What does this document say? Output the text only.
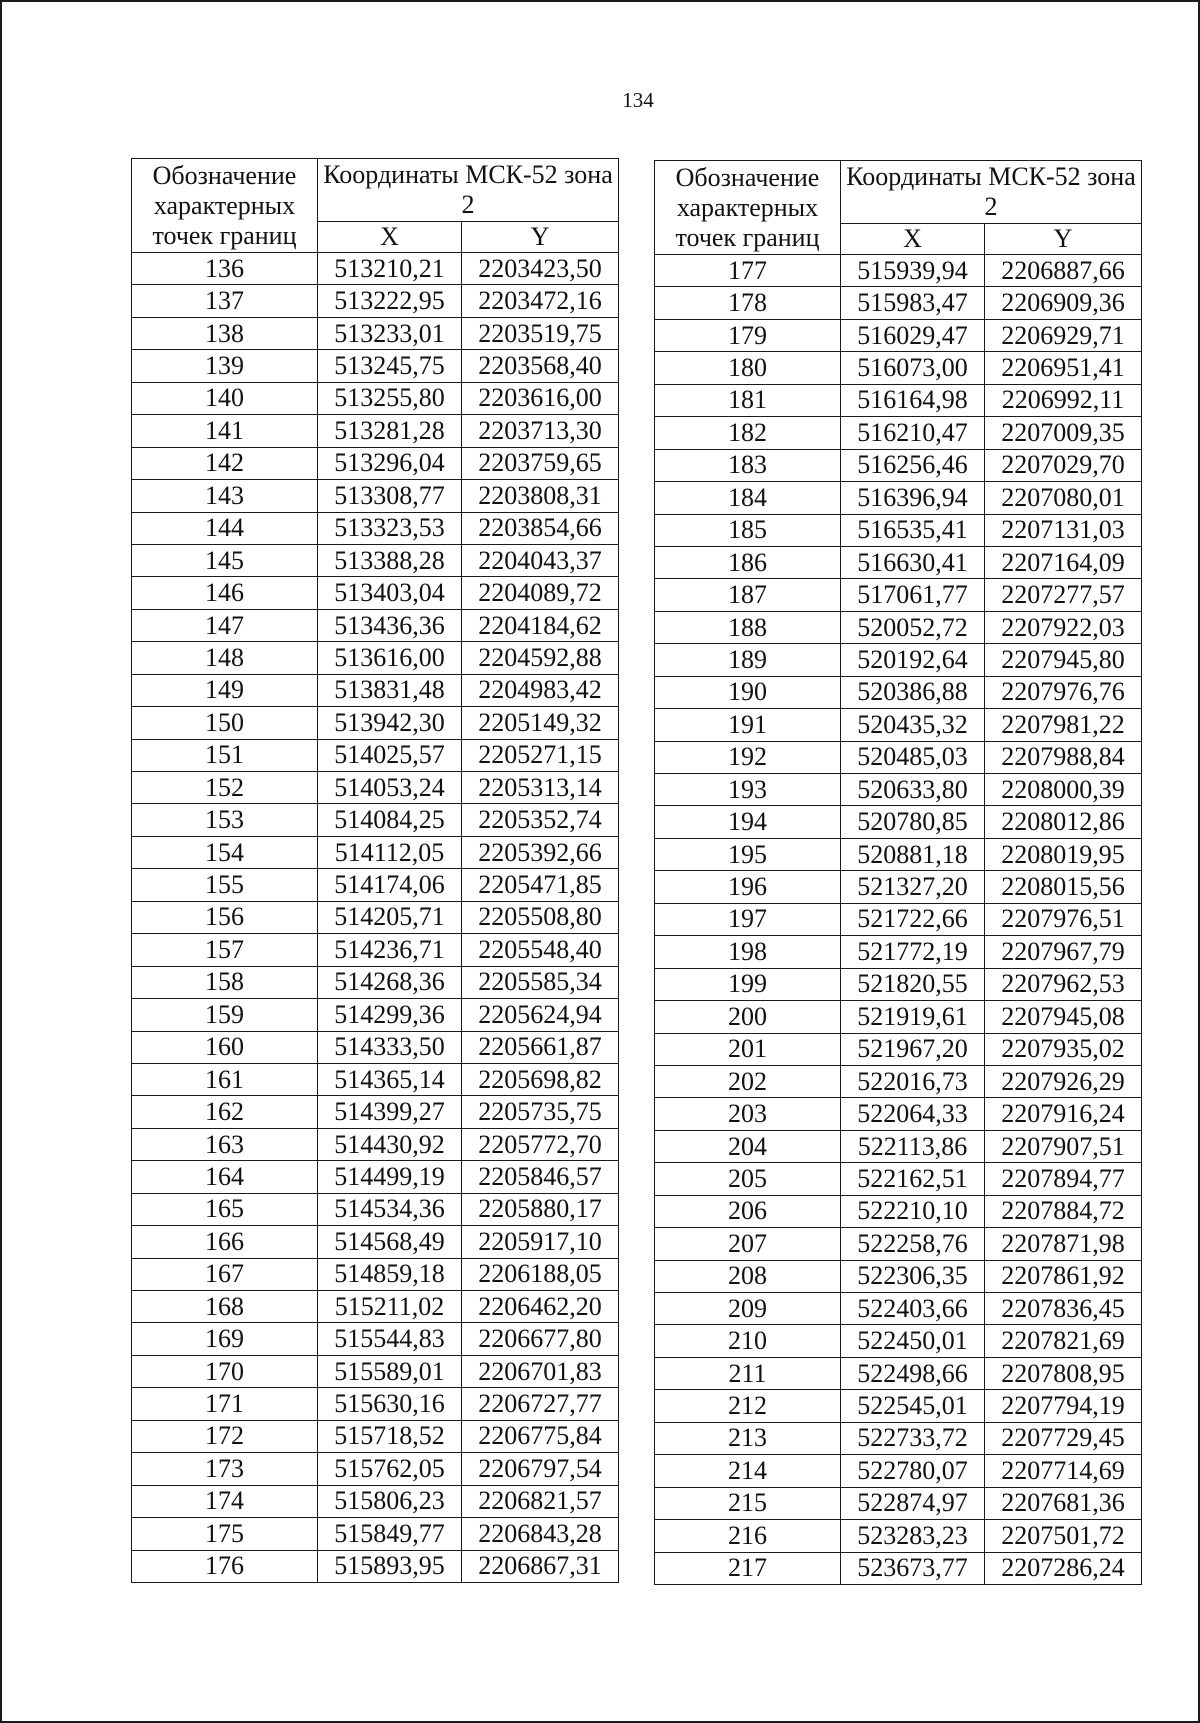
134
Обозначение характерных точек границ	Координаты МСК-52 зона 2	
	X	Y
136	513210,21	2203423,50
137	513222,95	2203472,16
138	513233,01	2203519,75
139	513245,75	2203568,40
140	513255,80	2203616,00
141	513281,28	2203713,30
142	513296,04	2203759,65
143	513308,77	2203808,31
144	513323,53	2203854,66
145	513388,28	2204043,37
146	513403,04	2204089,72
147	513436,36	2204184,62
148	513616,00	2204592,88
149	513831,48	2204983,42
150	513942,30	2205149,32
151	514025,57	2205271,15
152	514053,24	2205313,14
153	514084,25	2205352,74
154	514112,05	2205392,66
155	514174,06	2205471,85
156	514205,71	2205508,80
157	514236,71	2205548,40
158	514268,36	2205585,34
159	514299,36	2205624,94
160	514333,50	2205661,87
161	514365,14	2205698,82
162	514399,27	2205735,75
163	514430,92	2205772,70
164	514499,19	2205846,57
165	514534,36	2205880,17
166	514568,49	2205917,10
167	514859,18	2206188,05
168	515211,02	2206462,20
169	515544,83	2206677,80
170	515589,01	2206701,83
171	515630,16	2206727,77
172	515718,52	2206775,84
173	515762,05	2206797,54
174	515806,23	2206821,57
175	515849,77	2206843,28
176	515893,95	2206867,31
Обозначение характерных точек границ	Координаты МСК-52 зона 2	
	X	Y
177	515939,94	2206887,66
178	515983,47	2206909,36
179	516029,47	2206929,71
180	516073,00	2206951,41
181	516164,98	2206992,11
182	516210,47	2207009,35
183	516256,46	2207029,70
184	516396,94	2207080,01
185	516535,41	2207131,03
186	516630,41	2207164,09
187	517061,77	2207277,57
188	520052,72	2207922,03
189	520192,64	2207945,80
190	520386,88	2207976,76
191	520435,32	2207981,22
192	520485,03	2207988,84
193	520633,80	2208000,39
194	520780,85	2208012,86
195	520881,18	2208019,95
196	521327,20	2208015,56
197	521722,66	2207976,51
198	521772,19	2207967,79
199	521820,55	2207962,53
200	521919,61	2207945,08
201	521967,20	2207935,02
202	522016,73	2207926,29
203	522064,33	2207916,24
204	522113,86	2207907,51
205	522162,51	2207894,77
206	522210,10	2207884,72
207	522258,76	2207871,98
208	522306,35	2207861,92
209	522403,66	2207836,45
210	522450,01	2207821,69
211	522498,66	2207808,95
212	522545,01	2207794,19
213	522733,72	2207729,45
214	522780,07	2207714,69
215	522874,97	2207681,36
216	523283,23	2207501,72
217	523673,77	2207286,24
